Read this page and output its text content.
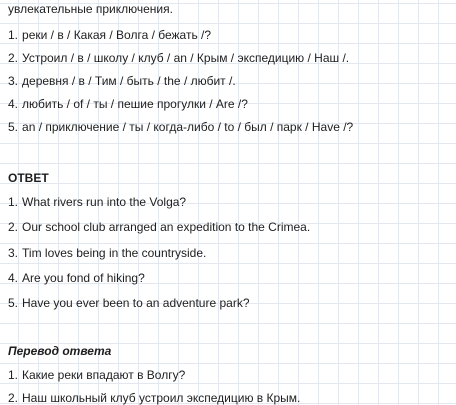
увлекательные приключения.
1. реки / в / Какая / Волга / бежать /?
2. Устроил / в / школу / клуб / an / Крым / экспедицию / Наш /.
3. деревня / в / Тим / быть / the / любит /.
4. любить / of / ты / пешие прогулки / Are /?
5. an / приключение / ты / когда-либо / to / был / парк / Have /?
ОТВЕТ
1. What rivers run into the Volga?
2. Our school club arranged an expedition to the Crimea.
3. Tim loves being in the countryside.
4. Are you fond of hiking?
5. Have you ever been to an adventure park?
Перевод ответа
1. Какие реки впадают в Волгу?
2. Наш школьный клуб устроил экспедицию в Крым.
